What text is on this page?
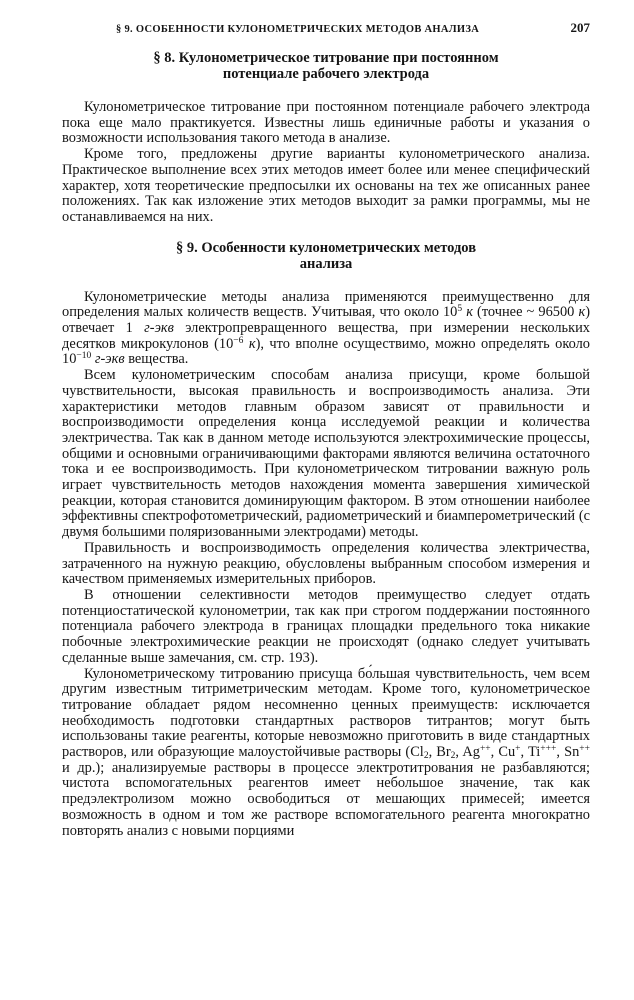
§ 9. ОСОБЕННОСТИ КУЛОНОМЕТРИЧЕСКИХ МЕТОДОВ АНАЛИЗА	207
§ 8. Кулонометрическое титрование при постоянном
потенциале рабочего электрода

Кулонометрическое титрование при постоянном потенциале рабочего электрода пока еще мало практикуется. Известны лишь единичные работы и указания о возможности использования такого метода в анализе.

Кроме того, предложены другие варианты кулонометрического анализа. Практическое выполнение всех этих методов имеет более или менее специфический характер, хотя теоретические предпосылки их основаны на тех же описанных ранее положениях. Так как изложение этих методов выходит за рамки программы, мы не останавливаемся на них.

§ 9. Особенности кулонометрических методов
анализа

Кулонометрические методы анализа применяются преимущественно для определения малых количеств веществ. Учитывая, что около $10^5$ к (точнее ~ 96500 к) отвечает 1 г-экв электропревращенного вещества, при измерении нескольких десятков микрокулонов ($10^{-6}$ к), что вполне осуществимо, можно определять около $10^{-10}$ г-экв вещества.

Всем кулонометрическим способам анализа присущи, кроме большой чувствительности, высокая правильность и воспроизводимость анализа. Эти характеристики методов главным образом зависят от правильности и воспроизводимости определения конца исследуемой реакции и количества электричества. Так как в данном методе используются электрохимические процессы, общими и основными ограничивающими факторами являются величина остаточного тока и ее воспроизводимость. При кулонометрическом титровании важную роль играет чувствительность методов нахождения момента завершения химической реакции, которая становится доминирующим фактором. В этом отношении наиболее эффективны спектрофотометрический, радиометрический и биамперометрический (с двумя большими поляризованными электродами) методы.

Правильность и воспроизводимость определения количества электричества, затраченного на нужную реакцию, обусловлены выбранным способом измерения и качеством применяемых измерительных приборов.

В отношении селективности методов преимущество следует отдать потенциостатической кулонометрии, так как при строгом поддержании постоянного потенциала рабочего электрода в границах площадки предельного тока никакие побочные электрохимические реакции не происходят (однако следует учитывать сделанные выше замечания, см. стр. 193).

Кулонометрическому титрованию присуща бо́льшая чувствительность, чем всем другим известным титриметрическим методам. Кроме того, кулонометрическое титрование обладает рядом несомненно ценных преимуществ: исключается необходимость подготовки стандартных растворов титрантов; могут быть использованы такие реагенты, которые невозможно приготовить в виде стандартных растворов, или образующие малоустойчивые растворы ($Cl_2$, $Br_2$, Ag++, Cu+, Ti+++, Sn++ и др.); анализируемые растворы в процессе электротитрования не разбавляются; чистота вспомогательных реагентов имеет небольшое значение, так как предэлектролизом можно освободиться от мешающих примесей; имеется возможность в одном и том же растворе вспомогательного реагента многократно повторять анализ с новыми порциями
